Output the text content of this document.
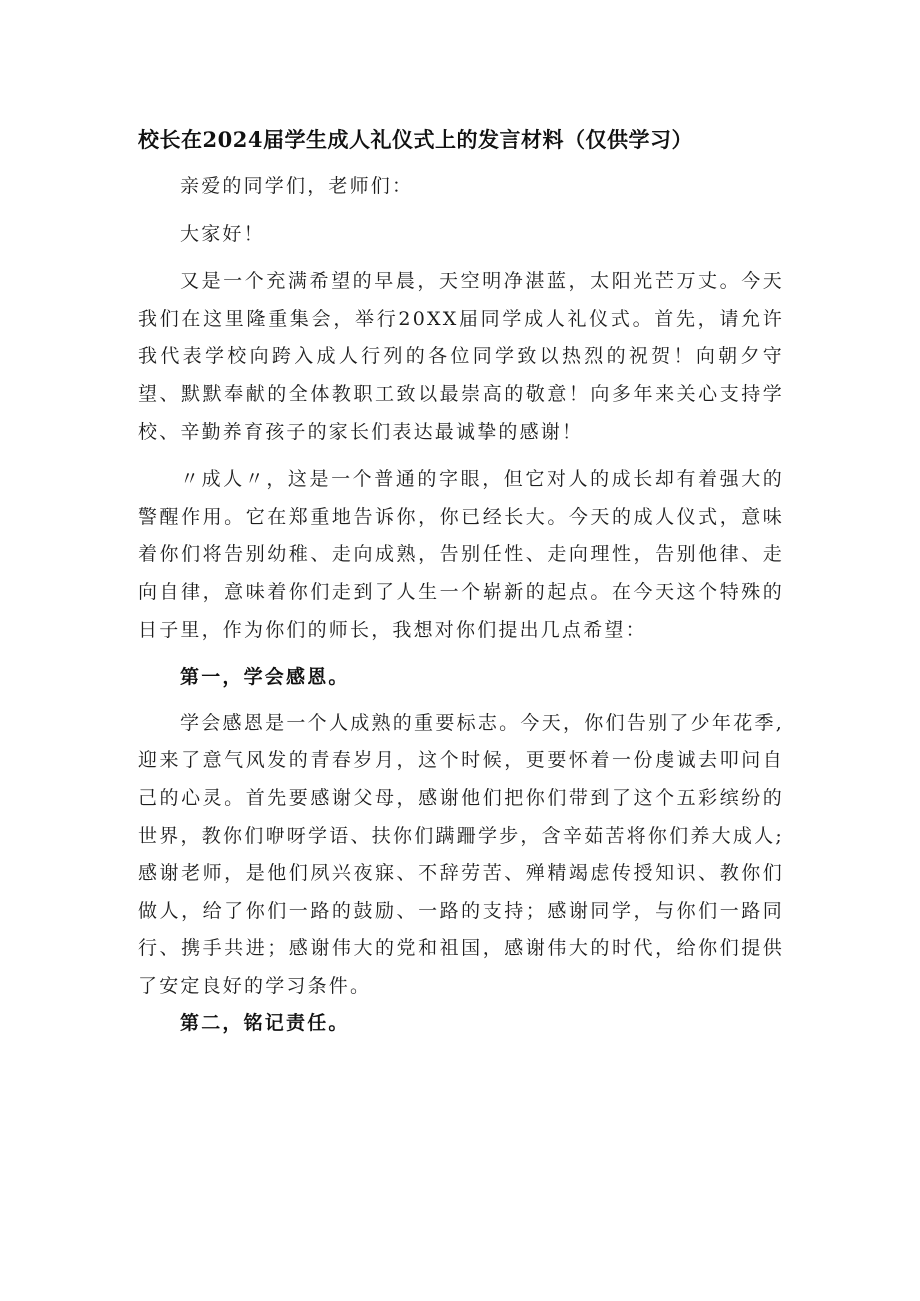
校长在2024届学生成人礼仪式上的发言材料（仅供学习）

亲爱的同学们，老师们：

大家好！

又是一个充满希望的早晨，天空明净湛蓝，太阳光芒万丈。今天我们在这里隆重集会，举行20XX届同学成人礼仪式。首先，请允许我代表学校向跨入成人行列的各位同学致以热烈的祝贺！向朝夕守望、默默奉献的全体教职工致以最崇高的敬意！向多年来关心支持学校、辛勤养育孩子的家长们表达最诚挚的感谢！

〃成人〃，这是一个普通的字眼，但它对人的成长却有着强大的警醒作用。它在郑重地告诉你，你已经长大。今天的成人仪式，意味着你们将告别幼稚、走向成熟，告别任性、走向理性，告别他律、走向自律，意味着你们走到了人生一个崭新的起点。在今天这个特殊的日子里，作为你们的师长，我想对你们提出几点希望：

第一，学会感恩。

学会感恩是一个人成熟的重要标志。今天，你们告别了少年花季,迎来了意气风发的青春岁月，这个时候，更要怀着一份虔诚去叩问自己的心灵。首先要感谢父母，感谢他们把你们带到了这个五彩缤纷的世界，教你们咿呀学语、扶你们蹒跚学步，含辛茹苦将你们养大成人;感谢老师，是他们夙兴夜寐、不辞劳苦、殚精竭虑传授知识、教你们做人，给了你们一路的鼓励、一路的支持；感谢同学，与你们一路同行、携手共进；感谢伟大的党和祖国，感谢伟大的时代，给你们提供了安定良好的学习条件。

第二，铭记责任。
